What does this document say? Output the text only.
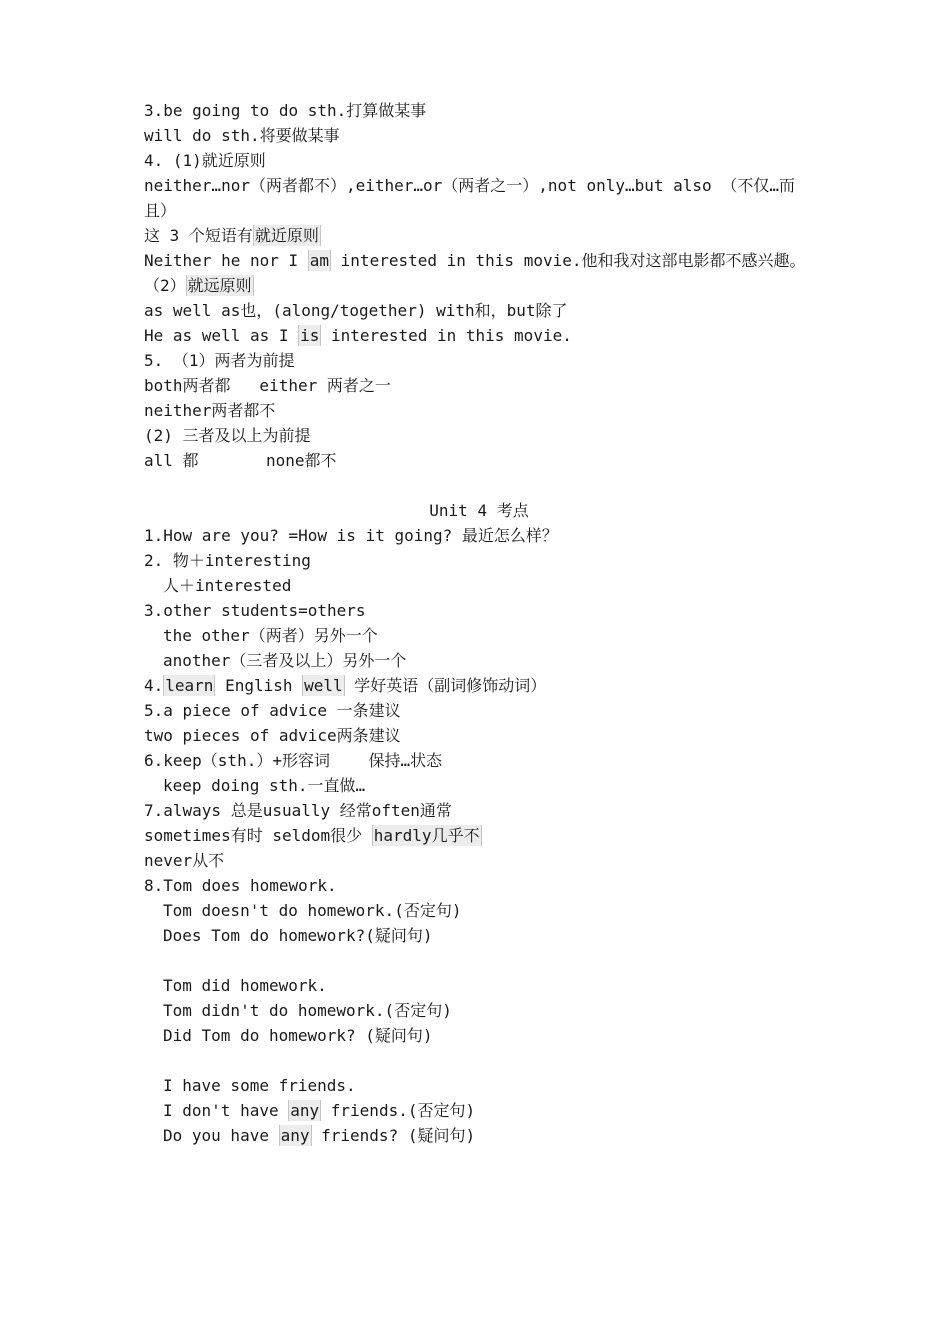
3.be going to do sth.打算做某事
will do sth.将要做某事
4. (1)就近原则
neither…nor（两者都不）,either…or（两者之一）,not only…but also （不仅…而且）
这 3 个短语有 就近原则
Neither he nor I am interested in this movie.他和我对这部电影都不感兴趣。
（2） 就远原则
as well as也，(along/together) with和，but除了
He as well as I is interested in this movie.
5. （1）两者为前提
both两者都   either 两者之一
neither两者都不
(2) 三者及以上为前提
all 都       none都不
Unit 4 考点
1.How are you? =How is it going? 最近怎么样？
2. 物＋interesting
人＋interested
3.other students=others
the other（两者）另外一个
another（三者及以上）另外一个
4. learn English well 学好英语（副词修饰动词）
5.a piece of advice 一条建议
two pieces of advice两条建议
6.keep（sth.）+形容词    保持…状态
keep doing sth.一直做…
7.always 总是usually 经常often通常
sometimes有时 seldom很少 hardly几乎不
never从不
8.Tom does homework.
Tom doesn't do homework.(否定句)
Does Tom do homework?(疑问句)
Tom did homework.
Tom didn't do homework.(否定句)
Did Tom do homework? (疑问句)
I have some friends.
I don't have any friends.(否定句)
Do you have any friends? (疑问句)
